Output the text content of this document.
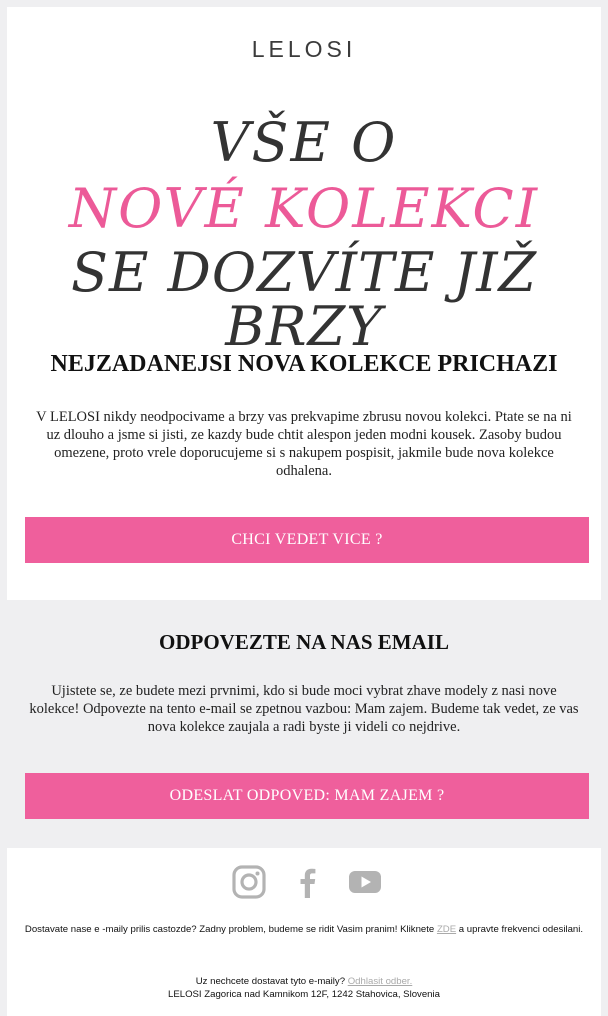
LELOSI
VŠE O
NOVÉ KOLEKCI
SE DOZVÍTE JIŽ BRZY
NEJZADANEJSI NOVA KOLEKCE PRICHAZI
V LELOSI nikdy neodpocivame a brzy vas prekvapime zbrusu novou kolekci. Ptate se na ni uz dlouho a jsme si jisti, ze kazdy bude chtit alespon jeden modni kousek. Zasoby budou omezene, proto vrele doporucujeme si s nakupem pospisit, jakmile bude nova kolekce odhalena.
CHCI VEDET VICE ?
ODPOVEZTE NA NAS EMAIL
Ujistete se, ze budete mezi prvnimi, kdo si bude moci vybrat zhave modely z nasi nove kolekce! Odpovezte na tento e-mail se zpetnou vazbou: Mam zajem. Budeme tak vedet, ze vas nova kolekce zaujala a radi byste ji videli co nejdrive.
ODESLAT ODPOVED: MAM ZAJEM ?
Dostavate nase e -maily prilis castozde? Zadny problem, budeme se ridit Vasim pranim! Kliknete ZDE a upravte frekvenci odesilani.
Uz nechcete dostavat tyto e-maily? Odhlasit odber.
LELOSI Zagorica nad Kamnikom 12F, 1242 Stahovica, Slovenia
